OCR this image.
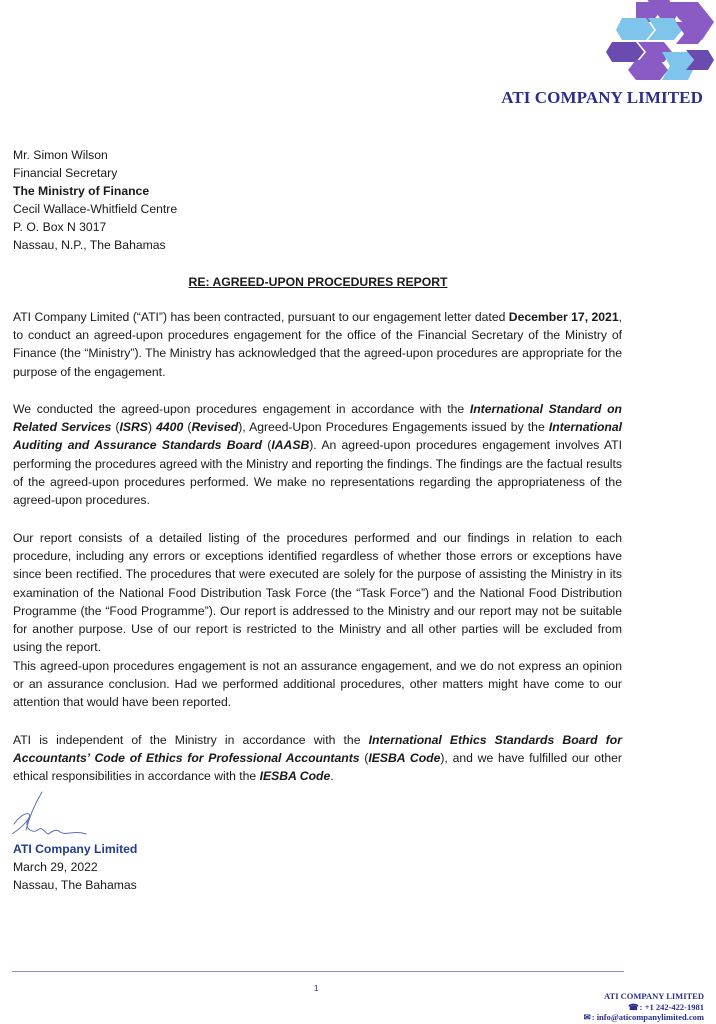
ATI COMPANY LIMITED
Mr. Simon Wilson
Financial Secretary
The Ministry of Finance
Cecil Wallace-Whitfield Centre
P. O. Box N 3017
Nassau, N.P., The Bahamas
RE: AGREED-UPON PROCEDURES REPORT

ATI Company Limited (“ATI”) has been contracted, pursuant to our engagement letter dated December 17, 2021, to conduct an agreed-upon procedures engagement for the office of the Financial Secretary of the Ministry of Finance (the “Ministry”). The Ministry has acknowledged that the agreed-upon procedures are appropriate for the purpose of the engagement.

We conducted the agreed-upon procedures engagement in accordance with the International Standard on Related Services (ISRS) 4400 (Revised), Agreed-Upon Procedures Engagements issued by the International Auditing and Assurance Standards Board (IAASB). An agreed-upon procedures engagement involves ATI performing the procedures agreed with the Ministry and reporting the findings. The findings are the factual results of the agreed-upon procedures performed. We make no representations regarding the appropriateness of the agreed-upon procedures.

Our report consists of a detailed listing of the procedures performed and our findings in relation to each procedure, including any errors or exceptions identified regardless of whether those errors or exceptions have since been rectified. The procedures that were executed are solely for the purpose of assisting the Ministry in its examination of the National Food Distribution Task Force (the “Task Force”) and the National Food Distribution Programme (the “Food Programme”). Our report is addressed to the Ministry and our report may not be suitable for another purpose. Use of our report is restricted to the Ministry and all other parties will be excluded from using the report.

This agreed-upon procedures engagement is not an assurance engagement, and we do not express an opinion or an assurance conclusion. Had we performed additional procedures, other matters might have come to our attention that would have been reported.

ATI is independent of the Ministry in accordance with the International Ethics Standards Board for Accountants’ Code of Ethics for Professional Accountants (IESBA Code), and we have fulfilled our other ethical responsibilities in accordance with the IESBA Code.

ATI Company Limited
March 29, 2022
Nassau, The Bahamas
1
ATI COMPANY LIMITED
☎: +1 242-422-1981
✉: info@aticompanylimited.com
